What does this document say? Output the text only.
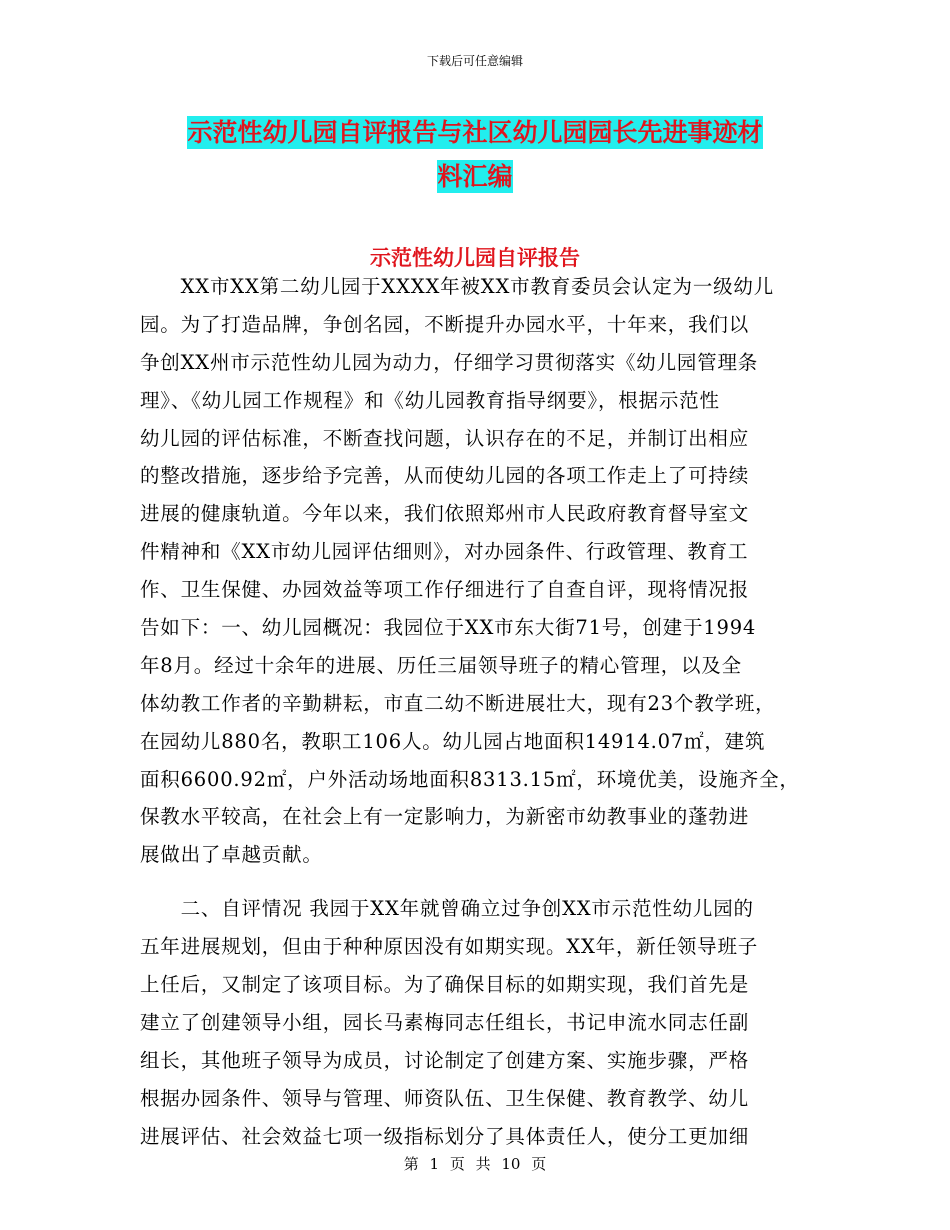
下载后可任意编辑
示范性幼儿园自评报告与社区幼儿园园长先进事迹材
料汇编
示范性幼儿园自评报告
　　XX市XX第二幼儿园于XXXX年被XX市教育委员会认定为一级幼儿
园。为了打造品牌，争创名园，不断提升办园水平，十年来，我们以
争创XX州市示范性幼儿园为动力，仔细学习贯彻落实《幼儿园管理条
理》、《幼儿园工作规程》和《幼儿园教育指导纲要》，根据示范性
幼儿园的评估标准，不断查找问题，认识存在的不足，并制订出相应
的整改措施，逐步给予完善，从而使幼儿园的各项工作走上了可持续
进展的健康轨道。今年以来，我们依照郑州市人民政府教育督导室文
件精神和《XX市幼儿园评估细则》，对办园条件、行政管理、教育工
作、卫生保健、办园效益等项工作仔细进行了自查自评，现将情况报
告如下：一、幼儿园概况：我园位于XX市东大街71号，创建于1994
年8月。经过十余年的进展、历任三届领导班子的精心管理，以及全
体幼教工作者的辛勤耕耘，市直二幼不断进展壮大，现有23个教学班，
在园幼儿880名，教职工106人。幼儿园占地面积14914.07㎡，建筑
面积6600.92㎡，户外活动场地面积8313.15㎡，环境优美，设施齐全，
保教水平较高，在社会上有一定影响力，为新密市幼教事业的蓬勃进
展做出了卓越贡献。
　　二、自评情况 我园于XX年就曾确立过争创XX市示范性幼儿园的
五年进展规划，但由于种种原因没有如期实现。XX年，新任领导班子
上任后，又制定了该项目标。为了确保目标的如期实现，我们首先是
建立了创建领导小组，园长马素梅同志任组长，书记申流水同志任副
组长，其他班子领导为成员，讨论制定了创建方案、实施步骤，严格
根据办园条件、领导与管理、师资队伍、卫生保健、教育教学、幼儿
进展评估、社会效益七项一级指标划分了具体责任人，使分工更加细
第 1 页 共 10 页
